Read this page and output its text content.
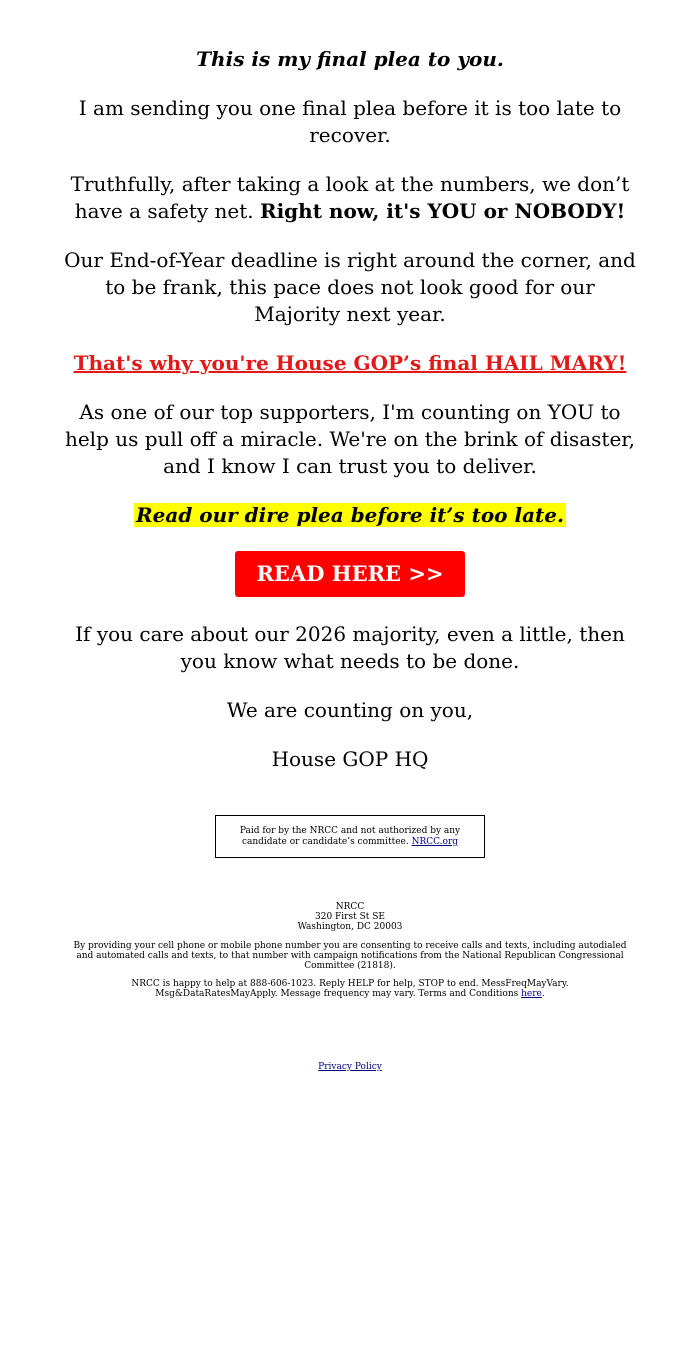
This is my final plea to you.

I am sending you one final plea before it is too late to recover.

Truthfully, after taking a look at the numbers, we don’t have a safety net. Right now, it's YOU or NOBODY!

Our End-of-Year deadline is right around the corner, and to be frank, this pace does not look good for our Majority next year.

That's why you're House GOP’s final HAIL MARY!

As one of our top supporters, I'm counting on YOU to help us pull off a miracle. We're on the brink of disaster, and I know I can trust you to deliver.

Read our dire plea before it’s too late.

READ HERE >>

If you care about our 2026 majority, even a little, then you know what needs to be done.

We are counting on you,

House GOP HQ

Paid for by the NRCC and not authorized by any candidate or candidate’s committee. NRCC.org
NRCC
320 First St SE
Washington, DC 20003
By providing your cell phone or mobile phone number you are consenting to receive calls and texts, including autodialed and automated calls and texts, to that number with campaign notifications from the National Republican Congressional Committee (21818).
NRCC is happy to help at 888-606-1023. Reply HELP for help, STOP to end. MessFreqMayVary. Msg&DataRatesMayApply. Message frequency may vary. Terms and Conditions here.
Privacy Policy
